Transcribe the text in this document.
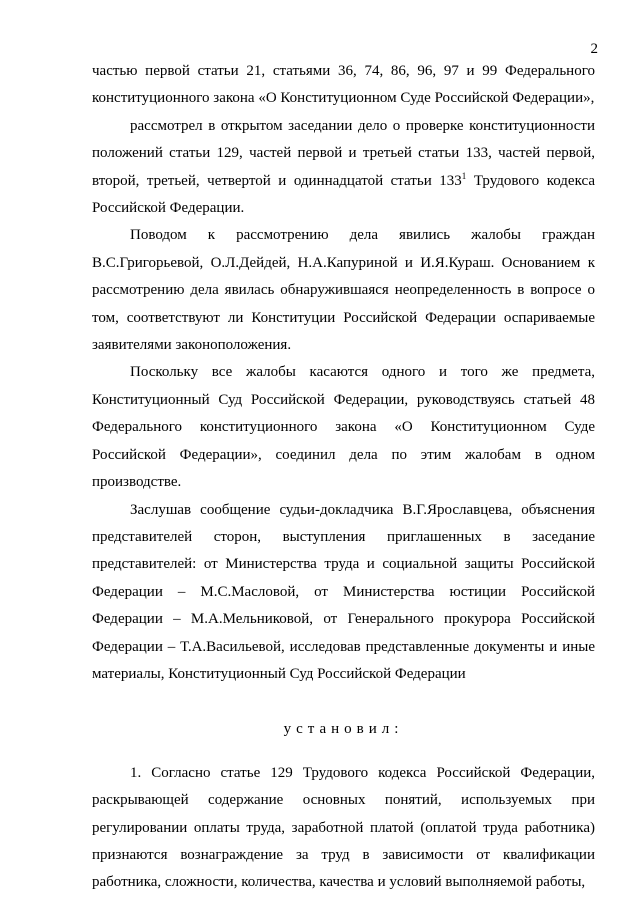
2

частью первой статьи 21, статьями 36, 74, 86, 96, 97 и 99 Федерального конституционного закона «О Конституционном Суде Российской Федерации»,

рассмотрел в открытом заседании дело о проверке конституционности положений статьи 129, частей первой и третьей статьи 133, частей первой, второй, третьей, четвертой и одиннадцатой статьи $133^1$ Трудового кодекса Российской Федерации.

Поводом к рассмотрению дела явились жалобы граждан В.С.Григорьевой, О.Л.Дейдей, Н.А.Капуриной и И.Я.Кураш. Основанием к рассмотрению дела явилась обнаружившаяся неопределенность в вопросе о том, соответствуют ли Конституции Российской Федерации оспариваемые заявителями законоположения.

Поскольку все жалобы касаются одного и того же предмета, Конституционный Суд Российской Федерации, руководствуясь статьей 48 Федерального конституционного закона «О Конституционном Суде Российской Федерации», соединил дела по этим жалобам в одном производстве.

Заслушав сообщение судьи-докладчика В.Г.Ярославцева, объяснения представителей сторон, выступления приглашенных в заседание представителей: от Министерства труда и социальной защиты Российской Федерации – М.С.Масловой, от Министерства юстиции Российской Федерации – М.А.Мельниковой, от Генерального прокурора Российской Федерации – Т.А.Васильевой, исследовав представленные документы и иные материалы, Конституционный Суд Российской Федерации

установил:

1. Согласно статье 129 Трудового кодекса Российской Федерации, раскрывающей содержание основных понятий, используемых при регулировании оплаты труда, заработной платой (оплатой труда работника) признаются вознаграждение за труд в зависимости от квалификации работника, сложности, количества, качества и условий выполняемой работы,
